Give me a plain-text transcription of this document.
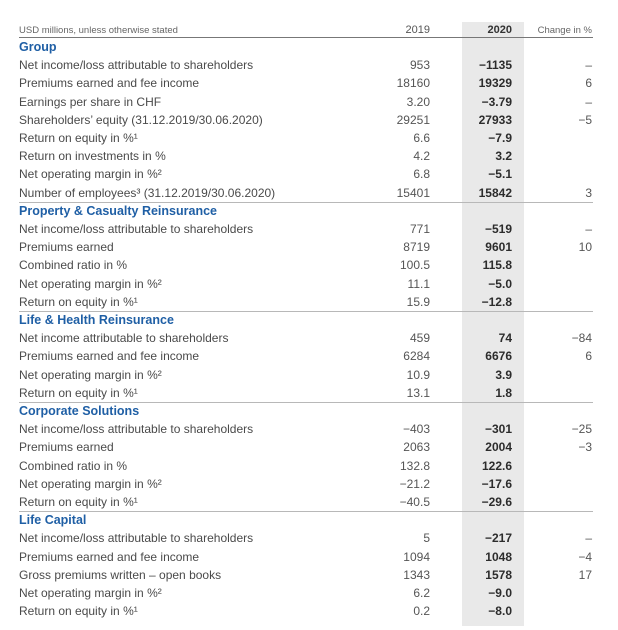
USD millions, unless otherwise stated	2019	2020	Change in %
Group
Net income/loss attributable to shareholders	953	−1135	–
Premiums earned and fee income	18160	19329	6
Earnings per share in CHF	3.20	−3.79	–
Shareholders’ equity (31.12.2019/30.06.2020)	29251	27933	−5
Return on equity in %¹	6.6	−7.9
Return on investments in %	4.2	3.2
Net operating margin in %²	6.8	−5.1
Number of employees³ (31.12.2019/30.06.2020)	15401	15842	3
Property & Casualty Reinsurance
Net income/loss attributable to shareholders	771	−519	–
Premiums earned	8719	9601	10
Combined ratio in %	100.5	115.8
Net operating margin in %²	11.1	−5.0
Return on equity in %¹	15.9	−12.8
Life & Health Reinsurance
Net income attributable to shareholders	459	74	−84
Premiums earned and fee income	6284	6676	6
Net operating margin in %²	10.9	3.9
Return on equity in %¹	13.1	1.8
Corporate Solutions
Net income/loss attributable to shareholders	−403	−301	−25
Premiums earned	2063	2004	−3
Combined ratio in %	132.8	122.6
Net operating margin in %²	−21.2	−17.6
Return on equity in %¹	−40.5	−29.6
Life Capital
Net income/loss attributable to shareholders	5	−217	–
Premiums earned and fee income	1094	1048	−4
Gross premiums written – open books	1343	1578	17
Net operating margin in %²	6.2	−9.0
Return on equity in %¹	0.2	−8.0
